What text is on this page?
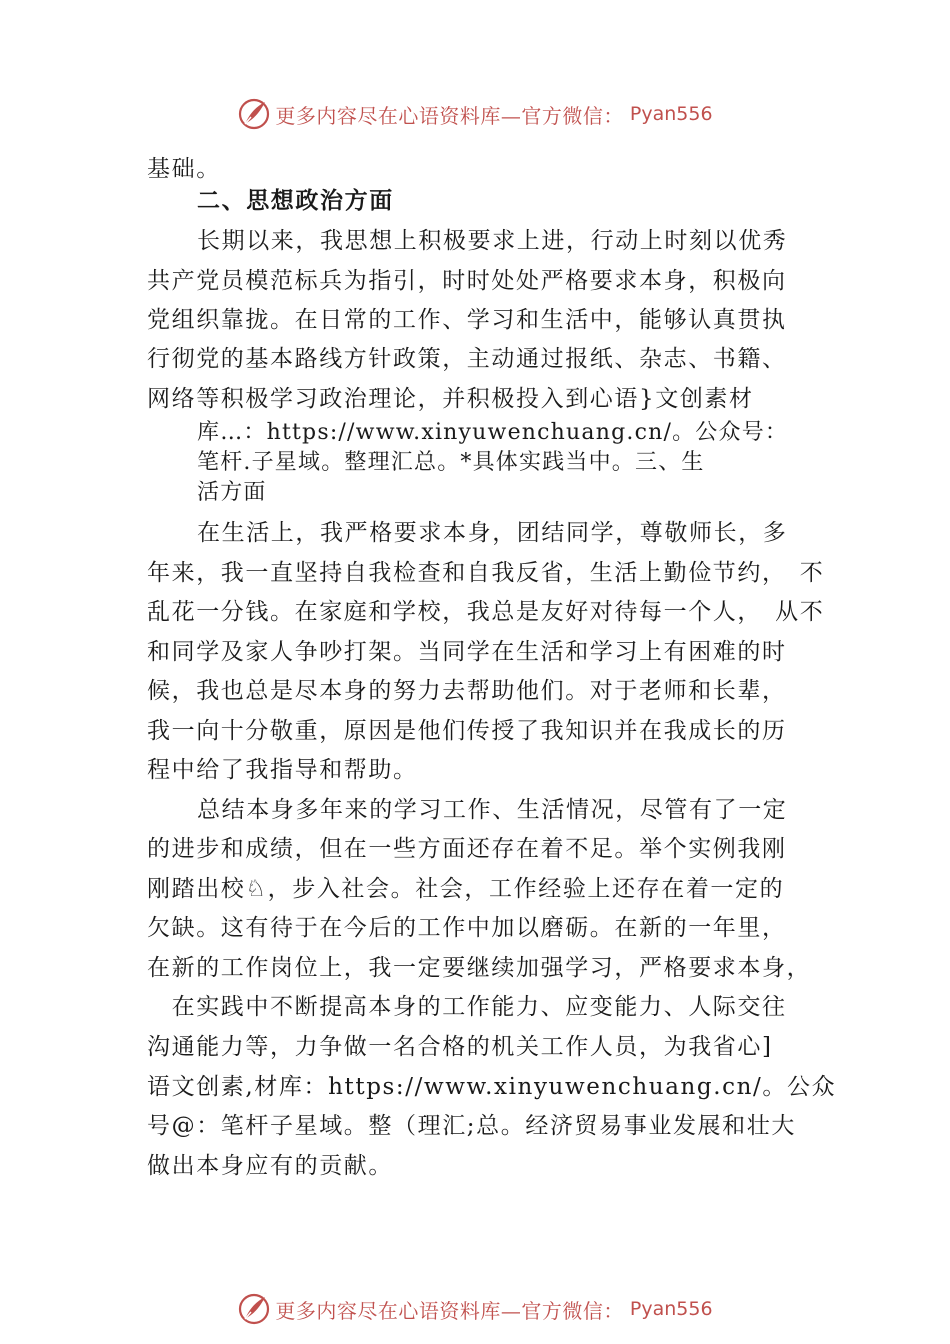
更多内容尽在心语资料库—官方微信： Pyan556
基础。
二、思想政治方面
长期以来，我思想上积极要求上进，行动上时刻以优秀
共产党员模范标兵为指引，时时处处严格要求本身，积极向
党组织靠拢。在日常的工作、学习和生活中，能够认真贯执
行彻党的基本路线方针政策，主动通过报纸、杂志、书籍、
网络等积极学习政治理论，并积极投入到心语}文创素材
库…：https://www.xinyuwenchuang.cn/。公众号：
笔杆.子星域。整理汇总。*具体实践当中。三、生
活方面
在生活上，我严格要求本身，团结同学，尊敬师长，多
年来，我一直坚持自我检查和自我反省，生活上勤俭节约，　不
乱花一分钱。在家庭和学校，我总是友好对待每一个人，　从不
和同学及家人争吵打架。当同学在生活和学习上有困难的时
候，我也总是尽本身的努力去帮助他们。对于老师和长辈，
我一向十分敬重，原因是他们传授了我知识并在我成长的历
程中给了我指导和帮助。
总结本身多年来的学习工作、生活情况，尽管有了一定
的进步和成绩，但在一些方面还存在着不足。举个实例我刚
刚踏出校♘，步入社会。社会，工作经验上还存在着一定的
欠缺。这有待于在今后的工作中加以磨砺。在新的一年里，
在新的工作岗位上，我一定要继续加强学习，严格要求本身，
　在实践中不断提高本身的工作能力、应变能力、人际交往
沟通能力等，力争做一名合格的机关工作人员，为我省心]
语文创素,材库：https://www.xinyuwenchuang.cn/。公众
号@：笔杆子星域。整（理汇;总。经济贸易事业发展和壮大
做出本身应有的贡献。
更多内容尽在心语资料库—官方微信： Pyan556
